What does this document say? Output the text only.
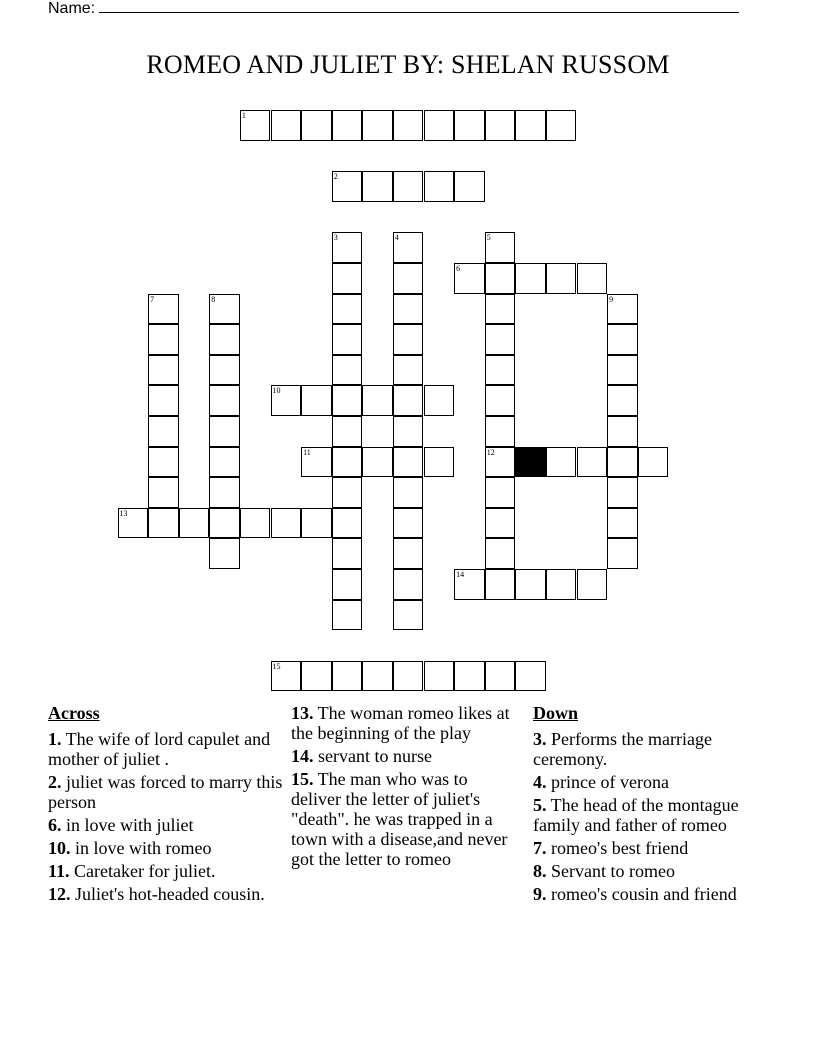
Name:
ROMEO AND JULIET BY: SHELAN RUSSOM
1
2
3	4	5
12
6
7	8	9
10
11
13
14
15
Across
1. The wife of lord capulet and mother of juliet .
2. juliet was forced to marry this person
6. in love with juliet
10. in love with romeo
11. Caretaker for juliet.
12. Juliet's hot-headed cousin.
13. The woman romeo likes at the beginning of the play
14. servant to nurse
15. The man who was to deliver the letter of juliet's "death". he was trapped in a town with a disease,and never got the letter to romeo
Down
3. Performs the marriage ceremony.
4. prince of verona
5. The head of the montague family and father of romeo
7. romeo's best friend
8. Servant to romeo
9. romeo's cousin and friend
